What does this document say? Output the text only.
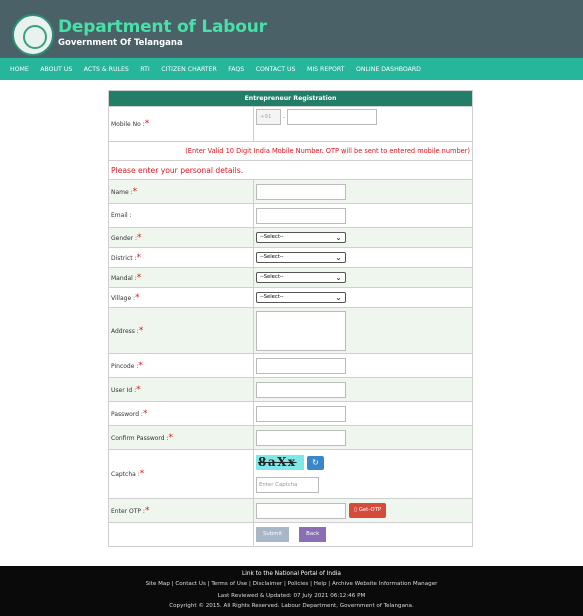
Department of Labour
Government Of Telangana
HOME ABOUT US ACTS & RULES RTI CITIZEN CHARTER FAQS CONTACT US MIS REPORT ONLINE DASHBOARD
Entrepreneur Registration	
Mobile No :*	+91 -
(Enter Valid 10 Digit India Mobile Number. OTP will be sent to entered mobile number)	
Please enter your personal details.	
Name :*	
Email :	
Gender :*	--Select-- ⌄

District :*	--Select-- ⌄

Mandal :*	--Select-- ⌄

Village :*	--Select-- ⌄

Address :*	
Pincode :*	
User Id :*	
Password :*	
Confirm Password :*	
Captcha :*	8aXx ↻
Enter Captcha

Enter OTP :*	▯ Get-OTP
	Submit Back
Link to the National Portal of India
Site Map | Contact Us | Terms of Use | Disclaimer | Policies | Help | Archive Website Information Manager
Last Reviewed & Updated: 07 July 2021 06:12:46 PM
Copyright © 2015. All Rights Reserved. Labour Department, Government of Telangana.
